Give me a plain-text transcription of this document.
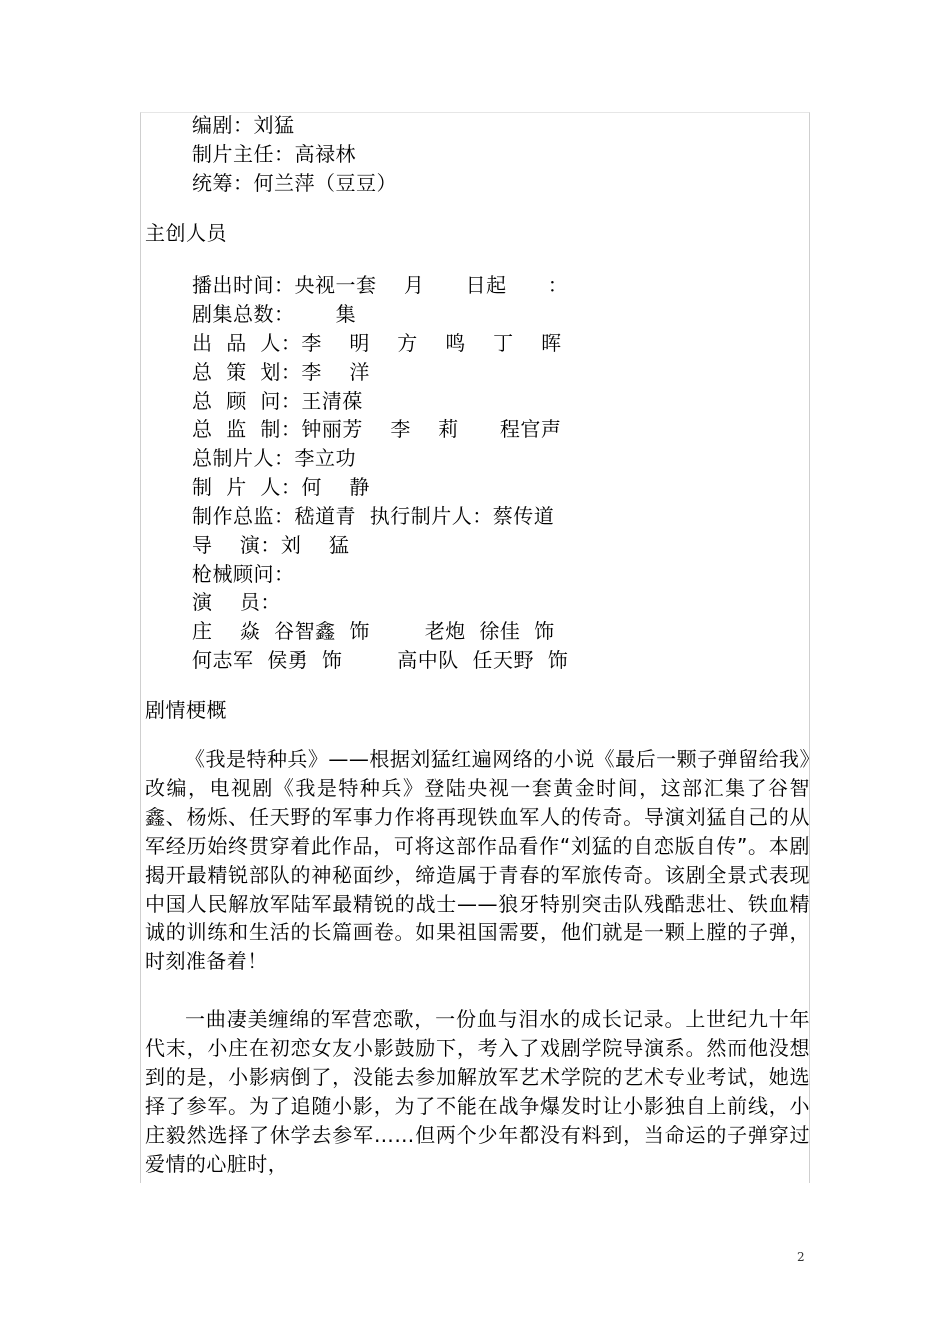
编剧：刘猛
制片主任：高禄林
统筹：何兰萍（豆豆）
主创人员
播出时间：央视一套    月      日起      ：
剧集总数：      集
出  品  人：李    明    方    鸣    丁    晖
总  策  划：李    洋
总  顾  问：王清葆
总  监  制：钟丽芳    李    莉      程官声
总制片人：李立功
制  片  人：何    静
制作总监：嵇道青  执行制片人：蔡传道
导    演：刘    猛
枪械顾问：
演    员：
庄    焱  谷智鑫  饰        老炮  徐佳  饰
何志军  侯勇  饰        高中队  任天野  饰
剧情梗概
《我是特种兵》——根据刘猛红遍网络的小说《最后一颗子弹留给我》改编，电视剧《我是特种兵》登陆央视一套黄金时间，这部汇集了谷智鑫、杨烁、任天野的军事力作将再现铁血军人的传奇。导演刘猛自己的从军经历始终贯穿着此作品，可将这部作品看作“刘猛的自恋版自传”。本剧揭开最精锐部队的神秘面纱，缔造属于青春的军旅传奇。该剧全景式表现中国人民解放军陆军最精锐的战士——狼牙特别突击队残酷悲壮、铁血精诚的训练和生活的长篇画卷。如果祖国需要，他们就是一颗上膛的子弹，时刻准备着！
一曲凄美缠绵的军营恋歌，一份血与泪水的成长记录。上世纪九十年代末，小庄在初恋女友小影鼓励下，考入了戏剧学院导演系。然而他没想到的是，小影病倒了，没能去参加解放军艺术学院的艺术专业考试，她选择了参军。为了追随小影，为了不能在战争爆发时让小影独自上前线，小庄毅然选择了休学去参军……但两个少年都没有料到，当命运的子弹穿过爱情的心脏时，
2
